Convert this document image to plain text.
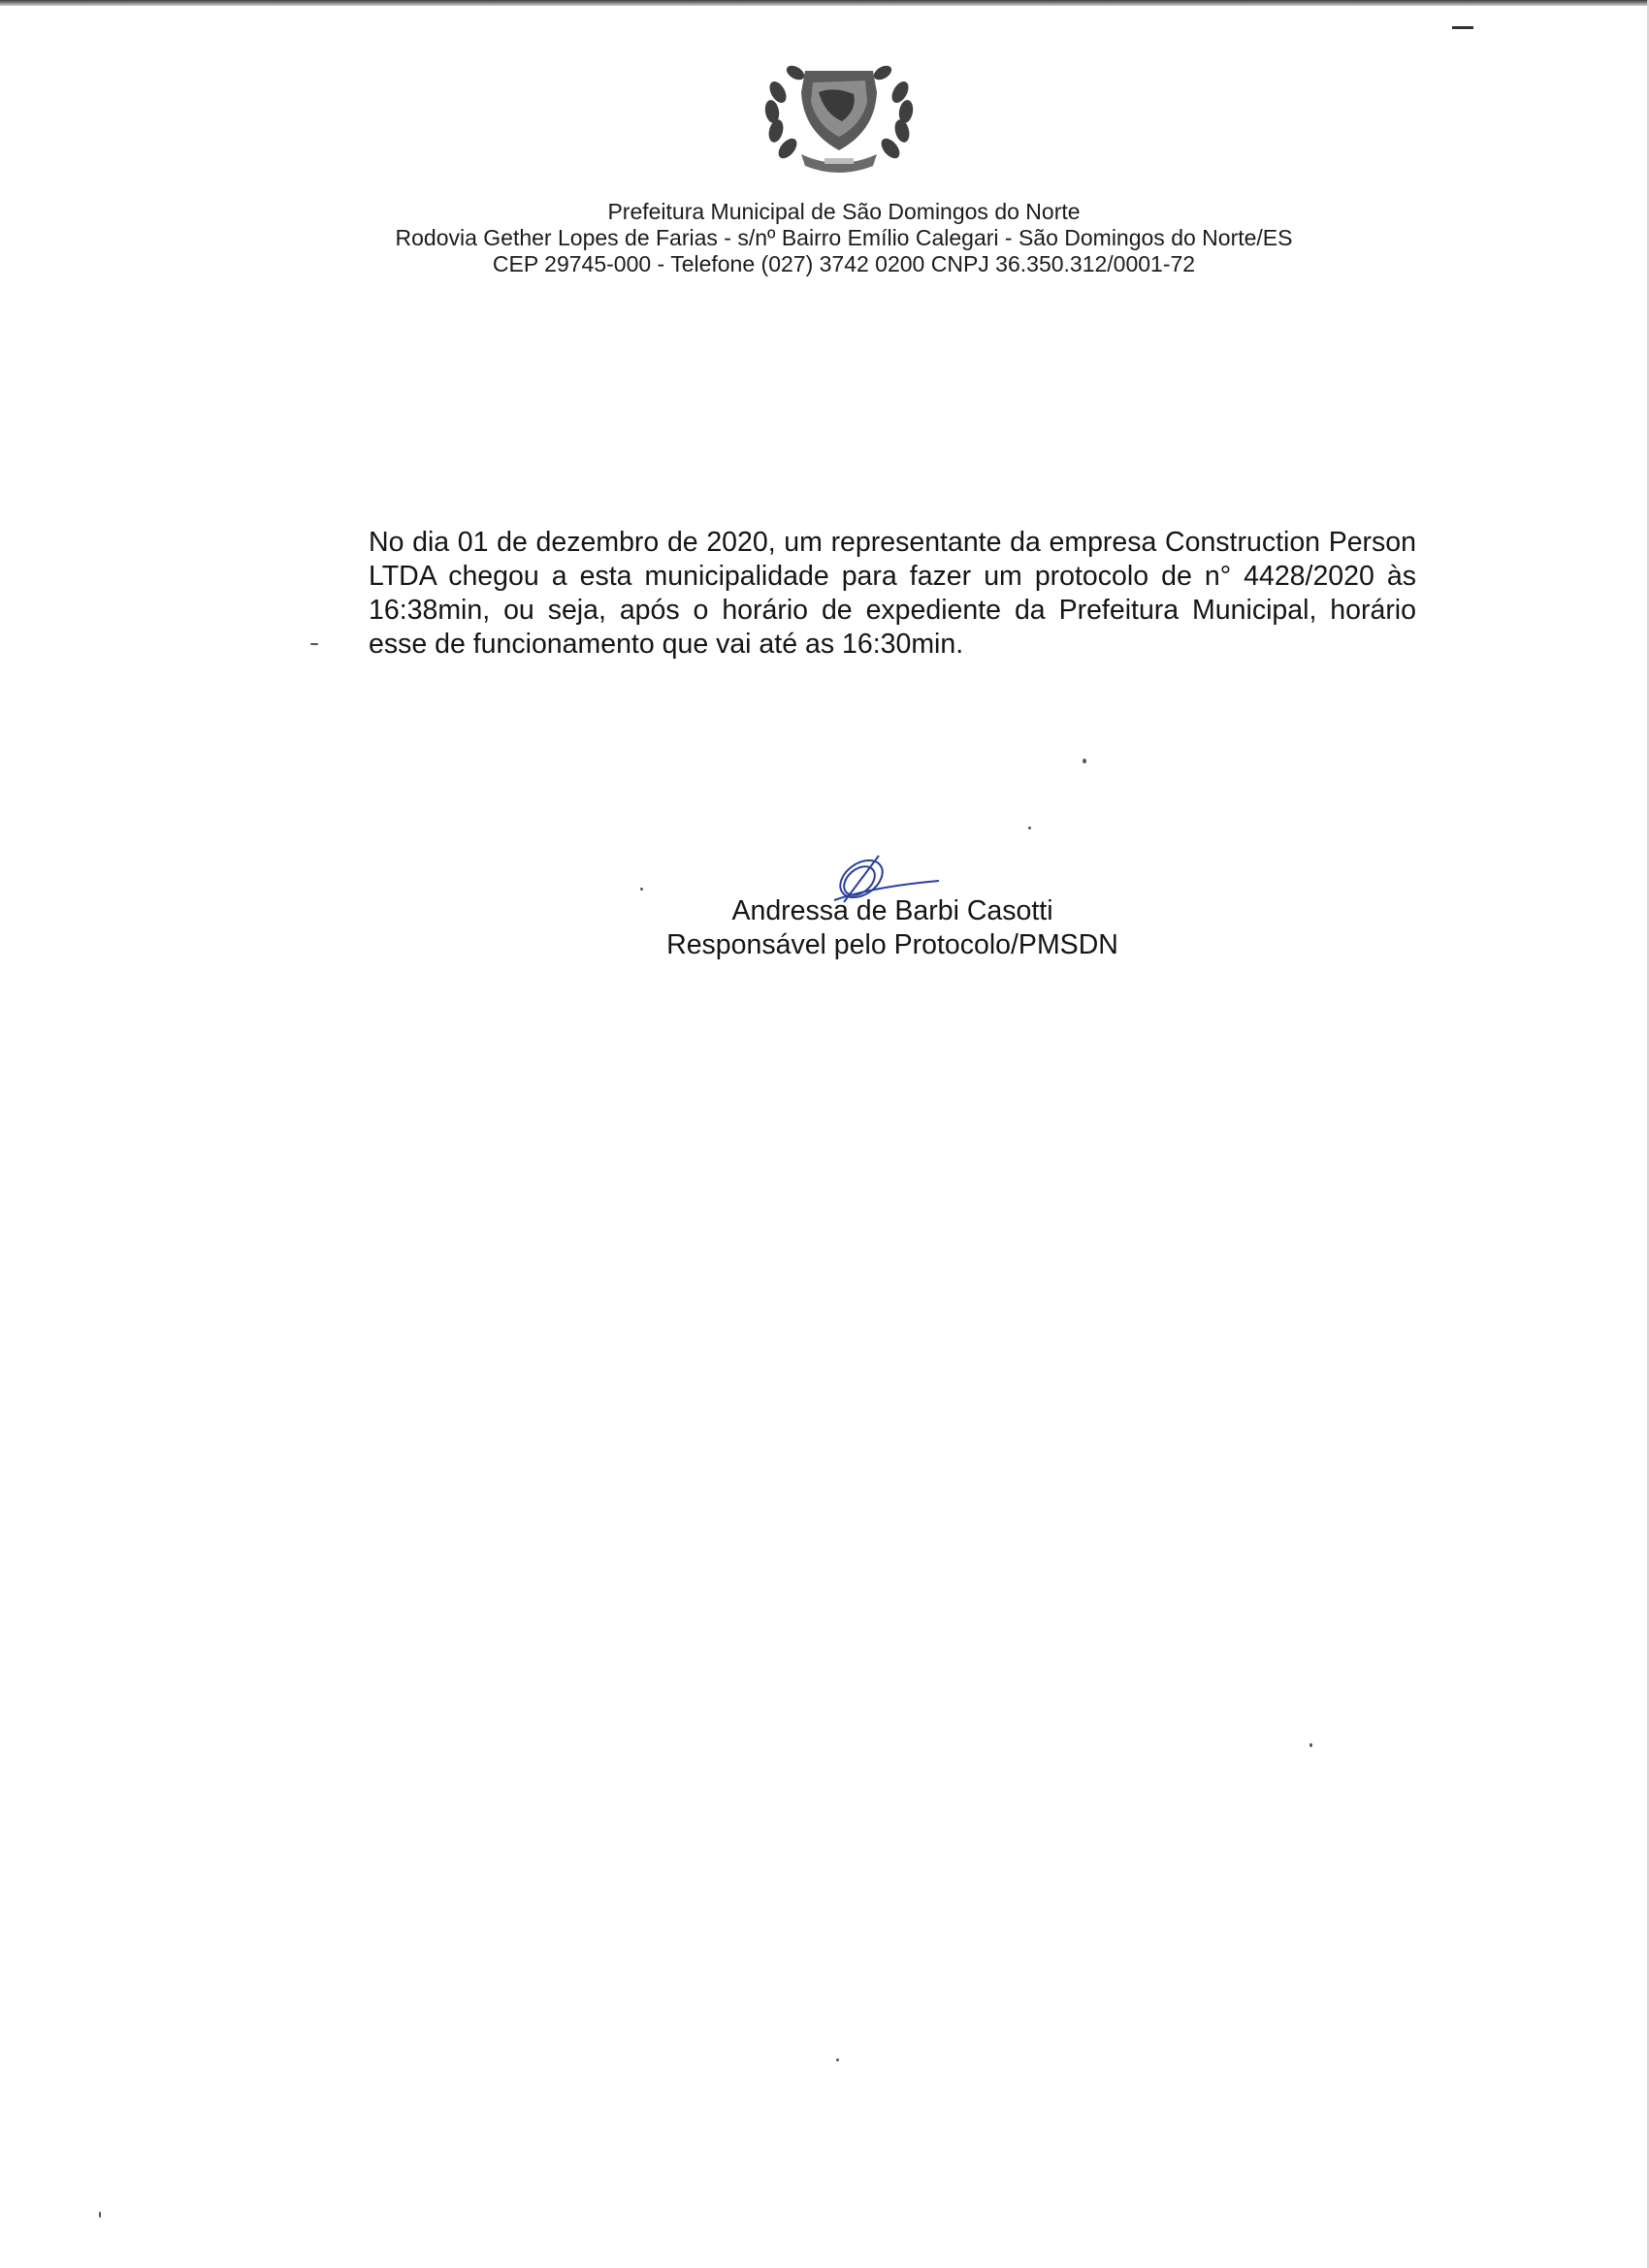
Prefeitura Municipal de São Domingos do Norte
Rodovia Gether Lopes de Farias - s/nº Bairro Emílio Calegari - São Domingos do Norte/ES
CEP 29745-000 - Telefone (027) 3742 0200 CNPJ 36.350.312/0001-72
No dia 01 de dezembro de 2020, um representante da empresa Construction Person LTDA chegou a esta municipalidade para fazer um protocolo de n° 4428/2020 às 16:38min, ou seja, após o horário de expediente da Prefeitura Municipal, horário esse de funcionamento que vai até as 16:30min.
Andressa de Barbi Casotti
Responsável pelo Protocolo/PMSDN
